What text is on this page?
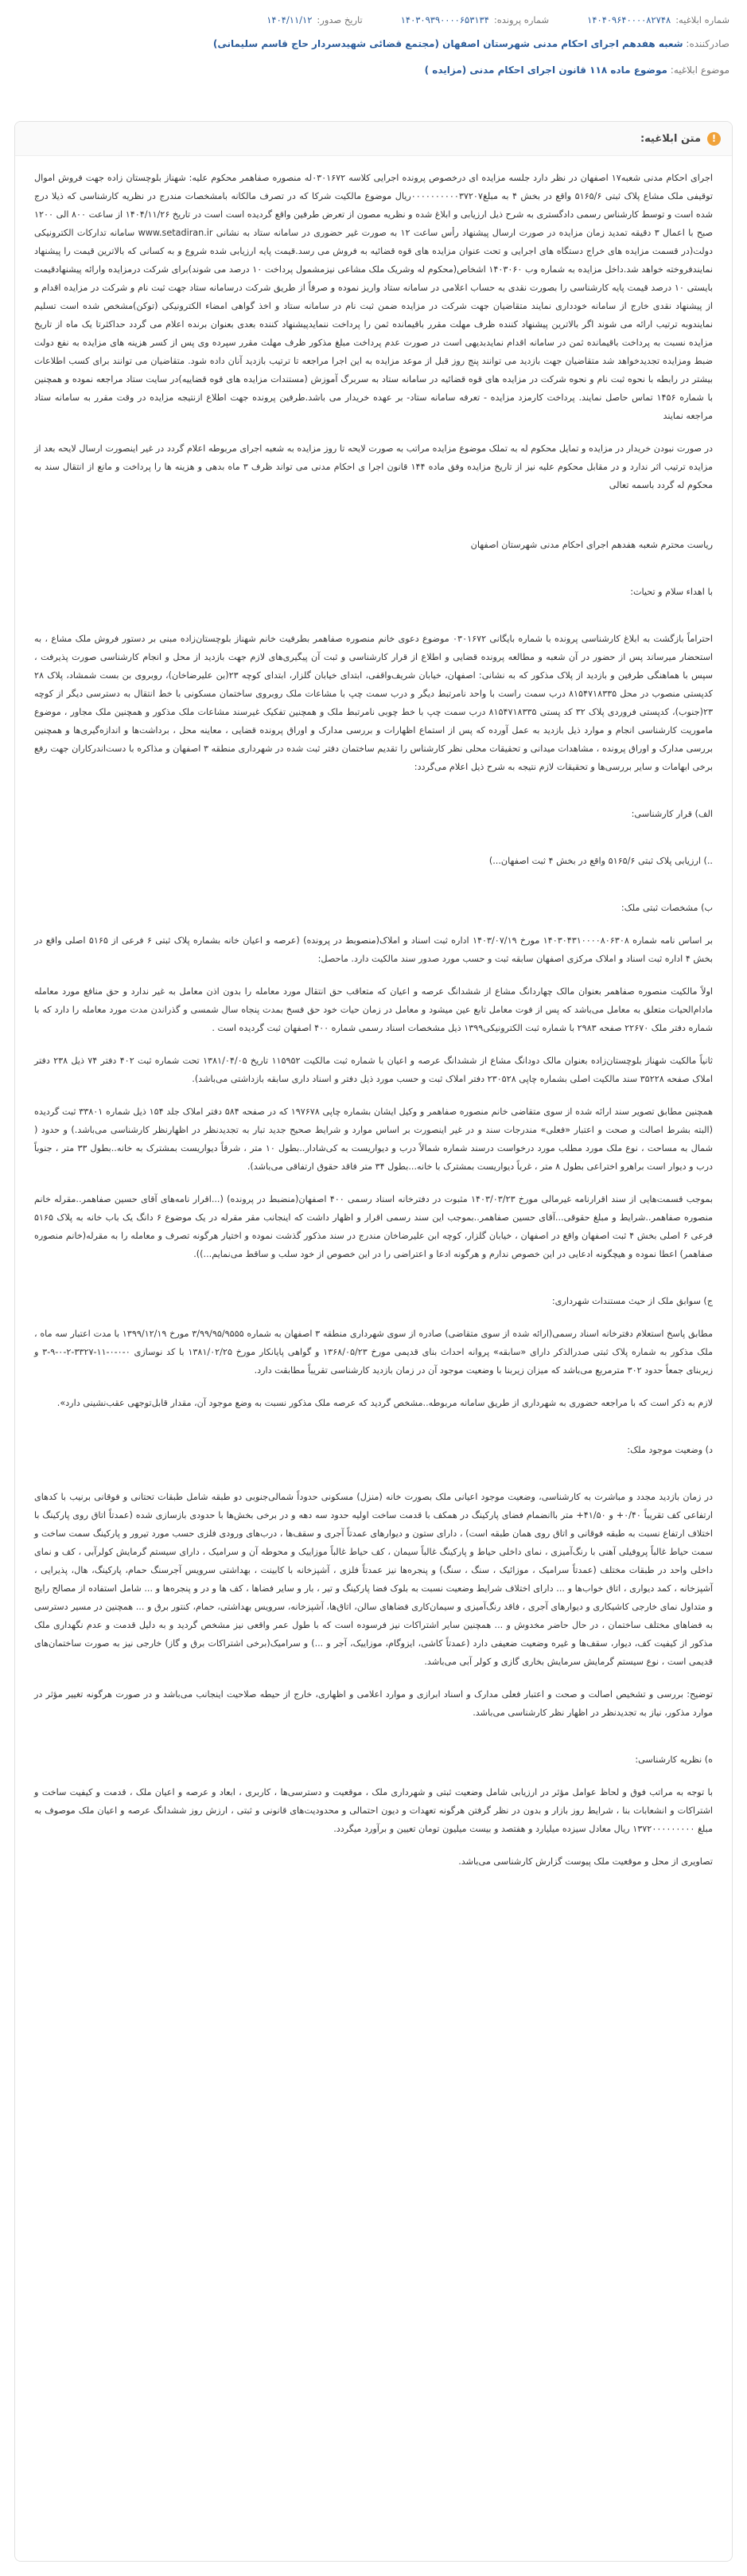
شماره ابلاغیه:
۱۴۰۴۰۹۶۴۰۰۰۰۸۲۷۴۸
شماره پرونده:
۱۴۰۳۰۹۳۹۰۰۰۰۶۵۳۱۳۴
تاریخ صدور:
۱۴۰۴/۱۱/۱۲
صادرکننده: شعبه هفدهم اجرای احکام مدنی شهرستان اصفهان (مجتمع قضائی شهیدسردار حاج قاسم سلیمانی)
موضوع ابلاغیه: موضوع ماده ۱۱۸ قانون اجرای احکام مدنی (مزایده )
!
متن ابلاغیه:

اجرای احکام مدنی شعبه۱۷ اصفهان در نظر دارد جلسه مزایده ای درخصوص پرونده اجرایی کلاسه ۰۳۰۱۶۷۲له منصوره صفاهمر محکوم علیه: شهناز بلوچستان زاده جهت فروش اموال توقیفی ملک مشاع پلاک ثبتی ۵۱۶۵/۶ واقع در بخش ۴ به مبلغ۰۰۰۰۰۰۰۰۰۰۳۷۲۰۷ریال موضوع مالکیت شرکا که در تصرف مالکانه بامشخصات مندرج در نظریه کارشناسی که ذیلا درج شده است و توسط کارشناس رسمی دادگستری به شرح ذیل ارزیابی و ابلاغ شده و نظریه مصون از تعرض طرفین واقع گردیده است است در تاریخ ۱۴۰۴/۱۱/۲۶ از ساعت ۸۰۰ الی ۱۲۰۰ صبح با اعمال ۳ دقیقه تمدید زمان مزایده در صورت ارسال پیشنهاد رأس ساعت ۱۲ به صورت غیر حضوری در سامانه ستاد به نشانی www.setadiran.ir سامانه تدارکات الکترونیکی دولت(در قسمت مزایده های خراج دستگاه های اجرایی و تحت عنوان مزایده های قوه قضائیه به فروش می رسد.قیمت پایه ارزیابی شده شروع و به کسانی که بالاترین قیمت را پیشنهاد نمایندفروخته خواهد شد.داخل مزایده به شماره وب ۱۴۰۳۰۶۰ اشخاص(محکوم له وشریک ملک مشاعی نیزمشمول پرداخت ۱۰ درصد می شوند)برای شرکت درمزایده وارائه پیشنهادقیمت بایستی ۱۰ درصد قیمت پایه کارشناسی را بصورت نقدی به حساب اعلامی در سامانه ستاد واریز نموده و صرفاً از طریق شرکت درسامانه ستاد جهت ثبت نام و شرکت در مزایده اقدام و از پیشنهاد نقدی خارج از سامانه خودداری نمایند متقاضیان جهت شرکت در مزایده ضمن ثبت نام در سامانه ستاد و اخذ گواهی امضاء الکترونیکی (توکن)مشخص شده است تسلیم نمایندوبه ترتیب ارائه می شوند اگر بالاترین پیشنهاد کننده ظرف مهلت مقرر باقیمانده ثمن را پرداخت ننمایدپیشنهاد کننده بعدی بعنوان برنده اعلام می گردد حداکثرتا یک ماه از تاریخ مزایده نسبت به پرداخت باقیمانده ثمن در سامانه اقدام نمایدبدیهی است در صورت عدم پرداخت مبلغ مذکور ظرف مهلت مقرر سپرده وی پس از کسر هزینه های مزایده به نفع دولت ضبط ومزایده تجدیدخواهد شد متقاضیان جهت بازدید می توانند پنج روز قبل از موعد مزایده به این اجرا مراجعه تا ترتیب بازدید آنان داده شود. متقاضیان می توانند برای کسب اطلاعات بیشتر در رابطه با نحوه ثبت نام و نحوه شرکت در مزایده های قوه قضائیه در سامانه ستاد به سربرگ آموزش (مستندات مزایده های قوه قضاییه)در سایت ستاد مراجعه نموده و همچنین با شماره ۱۴۵۶ تماس حاصل نمایند. پرداخت کارمزد مزایده - تعرفه سامانه ستاد- بر عهده خریدار می باشد.طرفین پرونده جهت اطلاع ازنتیجه مزایده در وقت مقرر به سامانه ستاد مراجعه نمایند

در صورت نبودن خریدار در مزایده و تمایل محکوم له به تملک موضوع مزایده مراتب به صورت لایحه تا روز مزایده به شعبه اجرای مربوطه اعلام گردد در غیر اینصورت ارسال لایحه بعد از مزایده ترتیب اثر ندارد و در مقابل محکوم علیه نیز از تاریخ مزایده وفق ماده ۱۴۴ قانون اجرا ی احکام مدنی می تواند ظرف ۳ ماه بدهی و هزینه ها را پرداخت و مانع از انتقال سند به محکوم له گردد باسمه تعالی

ریاست محترم شعبه هفدهم اجرای احکام مدنی شهرستان اصفهان

با اهداء سلام و تحیات:

احتراماً بازگشت به ابلاغ کارشناسی پرونده با شماره بایگانی ۰۳۰۱۶۷۲ موضوع دعوی خانم منصوره صفاهمر بطرفیت خانم شهناز بلوچستان‌زاده مبنی بر دستور فروش ملک مشاع ، به استحضار میرساند پس از حضور در آن شعبه و مطالعه پرونده قضایی و اطلاع از قرار کارشناسی و ثبت آن پیگیری‌های لازم جهت بازدید از محل و انجام کارشناسی صورت پذیرفت ، سپس با هماهنگی طرفین و بازدید از پلاک مذکور که به نشانی: اصفهان، خیابان شریف‌واقفی، ابتدای خیابان گلزار، ابتدای کوچه ۲۳(بن علیرضاخان)، روبروی بن بست شمشاد، پلاک ۲۸ کدپستی منصوب در محل ۸۱۵۴۷۱۸۳۳۵ درب سمت راست با واحد نامرتبط دیگر و درب سمت چپ با مشاعات ملک روبروی ساختمان مسکونی با خط انتقال به دسترسی دیگر از کوچه ۲۳(جنوب)، کدپستی فروردی پلاک ۳۲ کد پستی ۸۱۵۴۷۱۸۳۳۵ درب سمت چپ با خط چوبی نامرتبط ملک و همچنین تفکیک غیرسند مشاعات ملک مذکور و همچنین ملک مجاور ، موضوع ماموریت کارشناسی انجام و موارد ذیل بازدید به عمل آورده که پس از استماع اظهارات و بررسی مدارک و اوراق پرونده قضایی ، معاینه محل ، برداشت‌ها و اندازه‌گیری‌ها و همچنین بررسی مدارک و اوراق پرونده ، مشاهدات میدانی و تحقیقات محلی نظر کارشناس را تقدیم ساختمان دفتر ثبت شده در شهرداری منطقه ۳ اصفهان و مذاکره با دست‌اندرکاران جهت رفع برخی ابهامات و سایر بررسی‌ها و تحقیقات لازم نتیجه به شرح ذیل اعلام می‌گردد:

الف) قرار کارشناسی:

..) ارزیابی پلاک ثبتی ۵۱۶۵/۶ واقع در بخش ۴ ثبت اصفهان...)

ب) مشخصات ثبتی ملک:

بر اساس نامه شماره ۱۴۰۳۰۴۳۱۰۰۰۰۸۰۶۳۰۸ مورخ ۱۴۰۳/۰۷/۱۹ اداره ثبت اسناد و املاک(منصوبط در پرونده) (عرصه و اعیان خانه بشماره پلاک ثبتی ۶ فرعی از ۵۱۶۵ اصلی واقع در بخش ۴ اداره ثبت اسناد و املاک مرکزی اصفهان سابقه ثبت و حسب مورد صدور سند مالکیت دارد. ماحصل:

اولاً مالکیت منصوره صفاهمر بعنوان مالک چهاردانگ مشاع از ششدانگ عرصه و اعیان که متعاقب حق انتقال مورد معامله را بدون اذن معامل به غیر ندارد و حق منافع مورد معامله مادام‌الحیات متعلق به معامل می‌باشد که پس از فوت معامل تابع عین میشود و معامل در زمان حیات خود حق فسخ بمدت پنجاه سال شمسی و گذراندن مدت مورد معامله را دارد که با شماره دفتر ملک ۲۲۶۷۰ صفحه ۲۹۸۳ با شماره ثبت الکترونیکی۱۳۹۹ ذیل مشخصات اسناد رسمی شماره ۴۰۰ اصفهان ثبت گردیده است .

ثانیاً مالکیت شهناز بلوچستان‌زاده بعنوان مالک دودانگ مشاع از ششدانگ عرصه و اعیان با شماره ثبت مالکیت ۱۱۵۹۵۲ تاریخ ۱۳۸۱/۰۴/۰۵ تحت شماره ثبت ۴۰۲ دفتر ۷۴ ذیل ۲۳۸ دفتر املاک صفحه ۳۵۲۲۸ سند مالکیت اصلی بشماره چاپی ۲۳۰۵۲۸ دفتر املاک ثبت و حسب مورد ذیل دفتر و اسناد داری سابقه بازداشتی می‌باشد).

همچنین مطابق تصویر سند ارائه شده از سوی متقاضی خانم منصوره صفاهمر و وکیل ایشان بشماره چاپی ۱۹۷۶۷۸ که در صفحه ۵۸۴ دفتر املاک جلد ۱۵۴ ذیل شماره ۳۳۸۰۱ ثبت گردیده (البته بشرط اصالت و صحت و اعتبار «فعلی» مندرجات سند و در غیر اینصورت بر اساس موارد و شرایط صحیح جدید تبار به تجدیدنظر در اظهارنظر کارشناسی می‌باشد.) و حدود ( شمال به مساحت ، نوع ملک مورد مطلب مورد درخواست درسند شماره شمالاً درب و دیواریست به کی‌شادار..بطول ۱۰ متر ، شرقاً دیواریست بمشترک به خانه..بطول ۳۳ متر ، جنوباً درب و دیوار است براهرو اختراعی بطول ۸ متر ، غرباً دیواریست بمشترک با خانه...بطول ۳۴ متر فاقد حقوق ارتفاقی می‌باشد).

بموجب قسمت‌هایی از سند اقرارنامه غیرمالی مورخ ۱۴۰۳/۰۳/۲۳ مثبوت در دفترخانه اسناد رسمی ۴۰۰ اصفهان(منضبط در پرونده) (...اقرار نامه‌های آقای حسین صفاهمر..مقرله خانم منصوره صفاهمر..شرایط و مبلغ حقوقی...آقای حسین صفاهمر..بموجب این سند رسمی اقرار و اظهار داشت که اینجانب مقر مقرله در یک موضوع ۶ دانگ یک باب خانه به پلاک ۵۱۶۵ فرعی ۶ اصلی بخش ۴ ثبت اصفهان واقع در اصفهان ، خیابان گلزار، کوچه ابن علیرضاخان مندرج در سند مذکور گذشت نموده و اختیار هرگونه تصرف و معامله را به مقرله(خانم منصوره صفاهمر) اعطا نموده و هیچگونه ادعایی در این خصوص ندارم و هرگونه ادعا و اعتراضی را در این خصوص از خود سلب و ساقط می‌نمایم...)).

ج) سوابق ملک از حیث مستندات شهرداری:

مطابق پاسخ استعلام دفترخانه اسناد رسمی(ارائه شده از سوی متقاضی) صادره از سوی شهرداری منطقه ۳ اصفهان به شماره ۳/۹۹/۹۵/۹۵۵۵ مورخ ۱۳۹۹/۱۲/۱۹ با مدت اعتبار سه ماه ، ملک مذکور به شماره پلاک ثبتی صدرالذکر دارای «سابقه» پروانه احداث بنای قدیمی مورخ ۱۳۶۸/۰۵/۲۳ و گواهی پایانکار مورخ ۱۳۸۱/۰۲/۲۵ با کد نوسازی ۰-۰-۰-۱۱-۳۳۲۷-۲-۰-۹-۳ و زیربنای جمعاً حدود ۳۰۲ مترمربع می‌باشد که میزان زیربنا با وضعیت موجود آن در زمان بازدید کارشناسی تقریباً مطابقت دارد.

لازم به ذکر است که با مراجعه حضوری به شهرداری از طریق سامانه مربوطه..مشخص گردید که عرصه ملک مذکور نسبت به وضع موجود آن، مقدار قابل‌توجهی عقب‌نشینی دارد».

د) وضعیت موجود ملک:

در زمان بازدید مجدد و مباشرت به کارشناسی، وضعیت موجود اعیانی ملک بصورت خانه (منزل) مسکونی حدوداً شمالی‌جنوبی دو طبقه شامل طبقات تحتانی و فوقانی برنیب با کدهای ارتفاعی کف تقریباً ۰/۴۰+ و ۴۱/۵۰+ متر باانضمام فضای پارکینگ در همکف با قدمت ساخت اولیه حدود سه دهه و در برخی بخش‌ها با حدودی بازسازی شده (عمدتاً اتاق روی پارکینگ با اختلاف ارتفاع نسبت به طبقه فوقانی و اتاق روی همان طبقه است) ، دارای ستون و دیوارهای عمدتاً آجری و سقف‌ها ، درب‌های ورودی فلزی حسب مورد تیرور و پارکینگ سمت ساخت و سمت حیاط غالباً پروفیلی آهنی با رنگ‌آمیزی ، نمای داخلی حیاط و پارکینگ غالباً سیمان ، کف حیاط غالباً موزاییک و محوطه آن و سرامیک ، دارای سیستم گرمایش کولرآبی ، کف و نمای داخلی واحد در طبقات مختلف (عمدتاً سرامیک ، موزائیک ، سنگ ، سنگ) و پنجره‌ها نیز عمدتاً فلزی ، آشپزخانه با کابینت ، بهداشتی سرویس آجرسنگ حمام، پارکینگ، هال، پذیرایی ، آشپزخانه ، کمد دیواری ، اتاق خواب‌ها و ... دارای اختلاف شرایط وضعیت نسبت به بلوک فضا پارکینگ و تیر ، بار و سایر فضاها ، کف ها و در و پنجره‌ها و ... شامل استفاده از مصالح رایج و متداول نمای خارجی کاشیکاری و دیوارهای آجری ، فاقد رنگ‌آمیزی و سیمان‌کاری فضاهای سالن، اتاق‌ها، آشپزخانه، سرویس بهداشتی، حمام، کنتور برق و ... همچنین در مسیر دسترسی به فضاهای مختلف ساختمان ، در حال حاضر مخدوش و ... همچنین سایر اشتراکات نیز فرسوده است که با طول عمر واقعی نیز مشخص گردید و به دلیل قدمت و عدم نگهداری ملک مذکور از کیفیت کف، دیوار، سقف‌ها و غیره وضعیت ضعیفی دارد (عمدتاً کاشی، ایزوگام، موزاییک، آجر و ...) و سرامیک(برخی اشتراکات برق و گاز) خارجی نیز به صورت ساختمان‌های قدیمی است ، نوع سیستم گرمایش سرمایش بخاری گازی و کولر آبی می‌باشد.

توضیح: بررسی و تشخیص اصالت و صحت و اعتبار فعلی مدارک و اسناد ابرازی و موارد اعلامی و اظهاری، خارج از حیطه صلاحیت اینجانب می‌باشد و در صورت هرگونه تغییر مؤثر در موارد مذکور، نیاز به تجدیدنظر در اظهار نظر کارشناسی می‌باشد.

ه) نظریه کارشناسی:

با توجه به مراتب فوق و لحاظ عوامل مؤثر در ارزیابی شامل وضعیت ثبتی و شهرداری ملک ، موقعیت و دسترسی‌ها ، کاربری ، ابعاد و عرصه و اعیان ملک ، قدمت و کیفیت ساخت و اشتراکات و انشعابات بنا ، شرایط روز بازار و بدون در نظر گرفتن هرگونه تعهدات و دیون احتمالی و محدودیت‌های قانونی و ثبتی ، ارزش روز ششدانگ عرصه و اعیان ملک موصوف به مبلغ ۱۳۷۲۰۰۰۰۰۰۰۰۰ ریال معادل سیزده میلیارد و هفتصد و بیست میلیون تومان تعیین و برآورد میگردد.

تصاویری از محل و موقعیت ملک پیوست گزارش کارشناسی می‌باشد.
